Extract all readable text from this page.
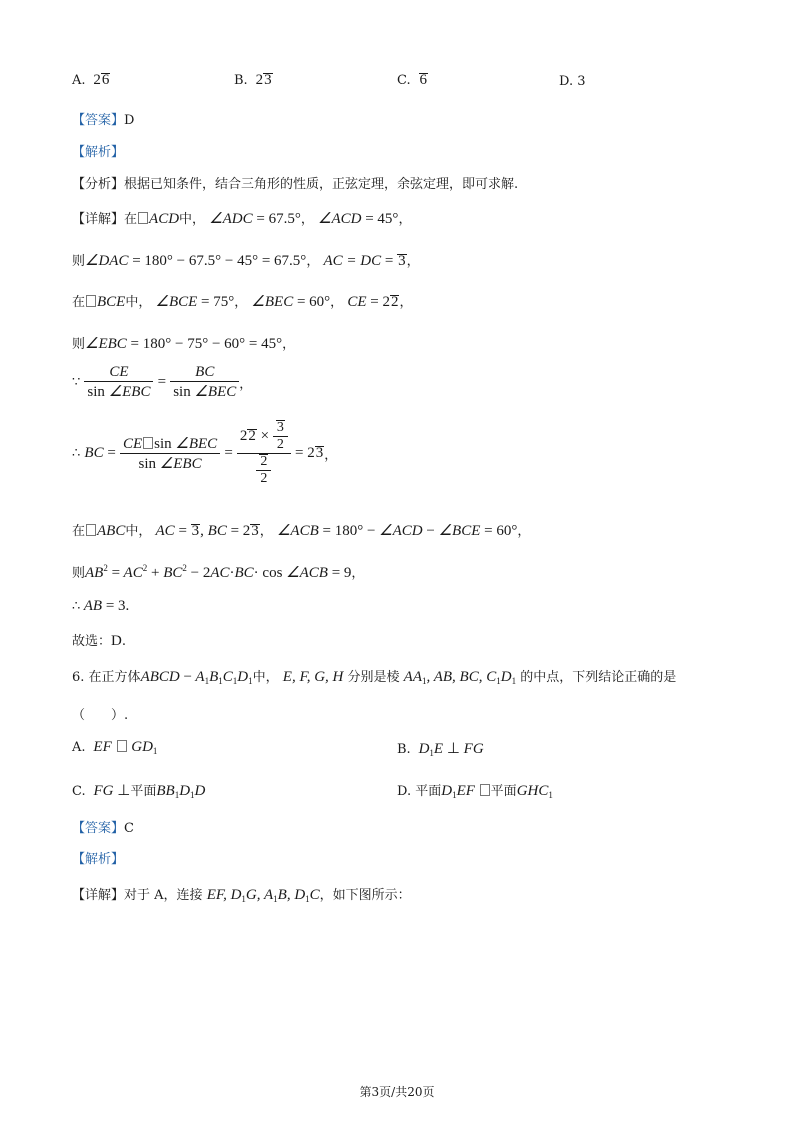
A.  26	B.  23	C. 6	D. 3
【答案】D
【解析】
【分析】根据已知条件，结合三角形的性质，正弦定理，余弦定理，即可求解.
【详解】在 ACD中， ∠ADC = 67.5°， ∠ACD = 45°，
则∠DAC = 180° − 67.5° − 45° = 67.5°， AC = DC = 3，
在 BCE中， ∠BCE = 75°， ∠BEC = 60°， CE = 22，
则∠EBC = 180° − 75° − 60° = 45°，
∵ $\frac{CE}{\text{sin ∠EBC}} = \frac{BC}{\text{sin ∠BEC}}$ ，
∴ BC = $\frac{\text{CE sin ∠BEC}}{\text{sin ∠EBC}} = \frac{22 \times \frac{3}{2}}{\frac{2}{2}} = 23$，
在 ABC中， AC = 3, BC = 23， ∠ACB = 180° − ∠ACD − ∠BCE = 60°，
则$AB^2 = AC^2 + BC^2 - 2AC\cdot BC\cdot \cos$ ∠ACB = 9，
∴ AB = 3.
故选：D.
6. 在正方体ABCD − $A_1B_1C_1D_1$中， E, F, G, H 分别是棱 $AA_1$, AB, BC, $C_1D_1$ 的中点，下列结论正确的是
（　　）.
A.  EF  $GD_1$	B.  $D_1E$ ⊥ FG
C.  FG ⊥平面$BB_1D_1D$	D. 平面$D_1EF$ 平面$GHC_1$
【答案】C
【解析】
【详解】对于 A，连接 EF, $D_1G$, $A_1B$, $D_1C$，如下图所示：
第3页/共20页
